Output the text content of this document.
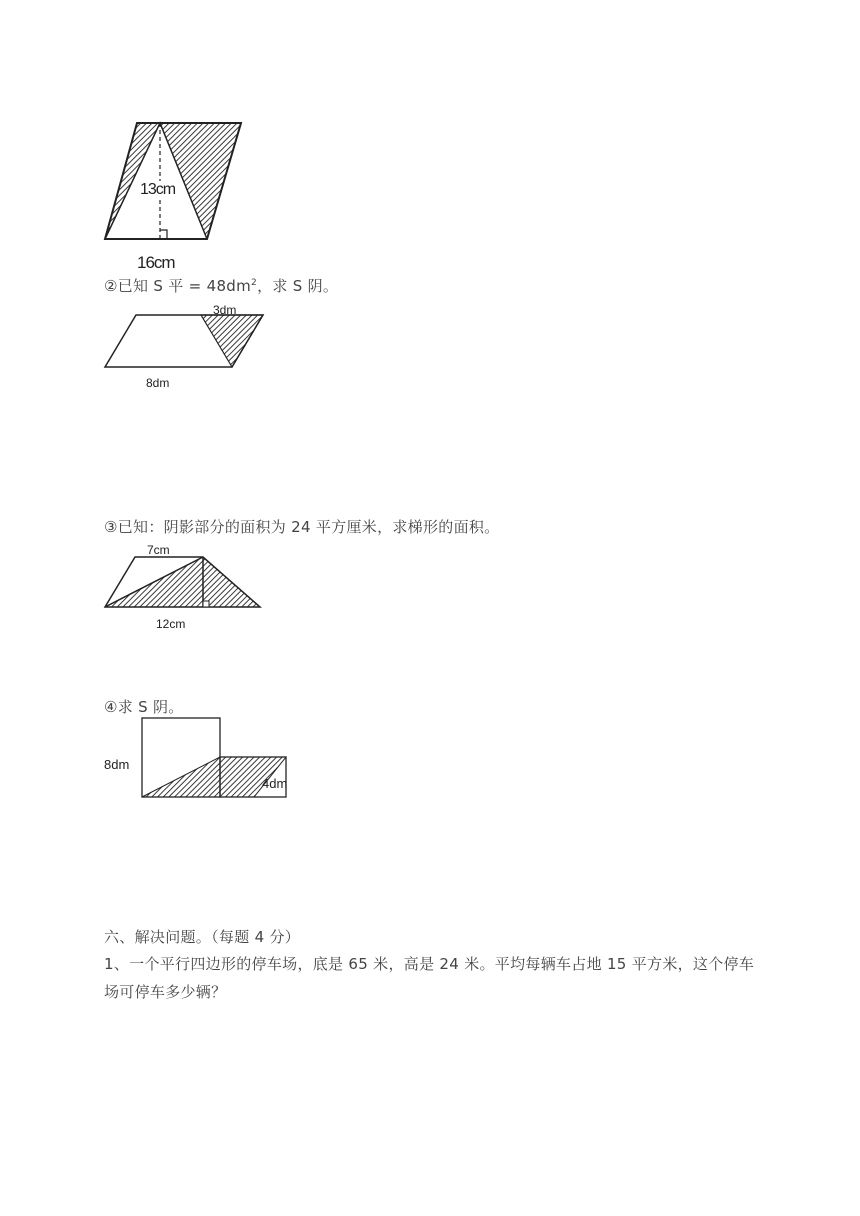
13cm
16cm
②已知 S 平 = $48dm^2$，求 S 阴。
3dm
8dm
③已知：阴影部分的面积为 24 平方厘米，求梯形的面积。
7cm
12cm
④求 S 阴。
8dm
4dm
六、解决问题。（每题 4 分）
1、一个平行四边形的停车场，底是 65 米，高是 24 米。平均每辆车占地 15 平方米，这个停车场可停车多少辆？
